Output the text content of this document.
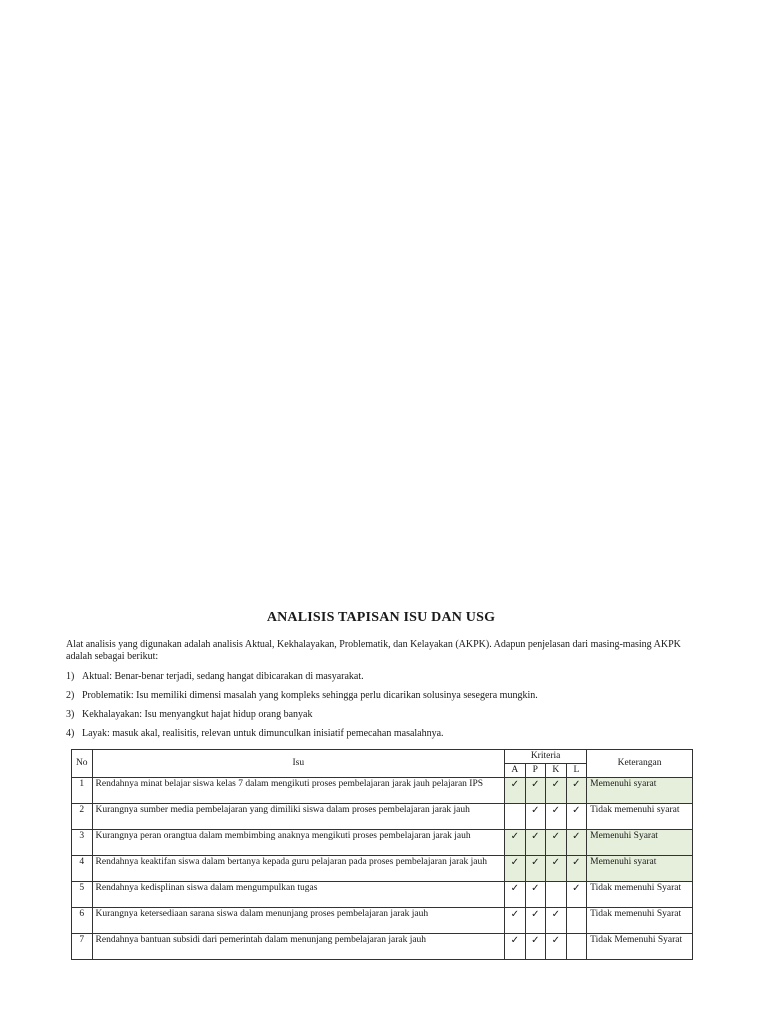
ANALISIS TAPISAN ISU DAN USG

Alat analisis yang digunakan adalah analisis Aktual, Kekhalayakan, Problematik, dan Kelayakan (AKPK). Adapun penjelasan dari masing-masing AKPK adalah sebagai berikut:

1) Aktual: Benar-benar terjadi, sedang hangat dibicarakan di masyarakat.
2) Problematik: Isu memiliki dimensi masalah yang kompleks sehingga perlu dicarikan solusinya sesegera mungkin.
3) Kekhalayakan: Isu menyangkut hajat hidup orang banyak
4) Layak: masuk akal, realisitis, relevan untuk dimunculkan inisiatif pemecahan masalahnya.
No	Isu	Kriteria				Keterangan
		A	P	K	L	
1	Rendahnya minat belajar siswa kelas 7 dalam mengikuti proses pembelajaran jarak jauh pelajaran IPS	✓	✓	✓	✓	Memenuhi syarat
2	Kurangnya sumber media pembelajaran yang dimiliki siswa dalam proses pembelajaran jarak jauh		✓	✓	✓	Tidak memenuhi syarat
3	Kurangnya peran orangtua dalam membimbing anaknya mengikuti proses pembelajaran jarak jauh	✓	✓	✓	✓	Memenuhi Syarat
4	Rendahnya keaktifan siswa dalam bertanya kepada guru pelajaran pada proses pembelajaran jarak jauh	✓	✓	✓	✓	Memenuhi syarat
5	Rendahnya kedisplinan siswa dalam mengumpulkan tugas	✓	✓		✓	Tidak memenuhi Syarat
6	Kurangnya ketersediaan sarana siswa dalam menunjang proses pembelajaran jarak jauh	✓	✓	✓		Tidak memenuhi Syarat
7	Rendahnya bantuan subsidi dari pemerintah dalam menunjang pembelajaran jarak jauh	✓	✓	✓		Tidak Memenuhi Syarat
